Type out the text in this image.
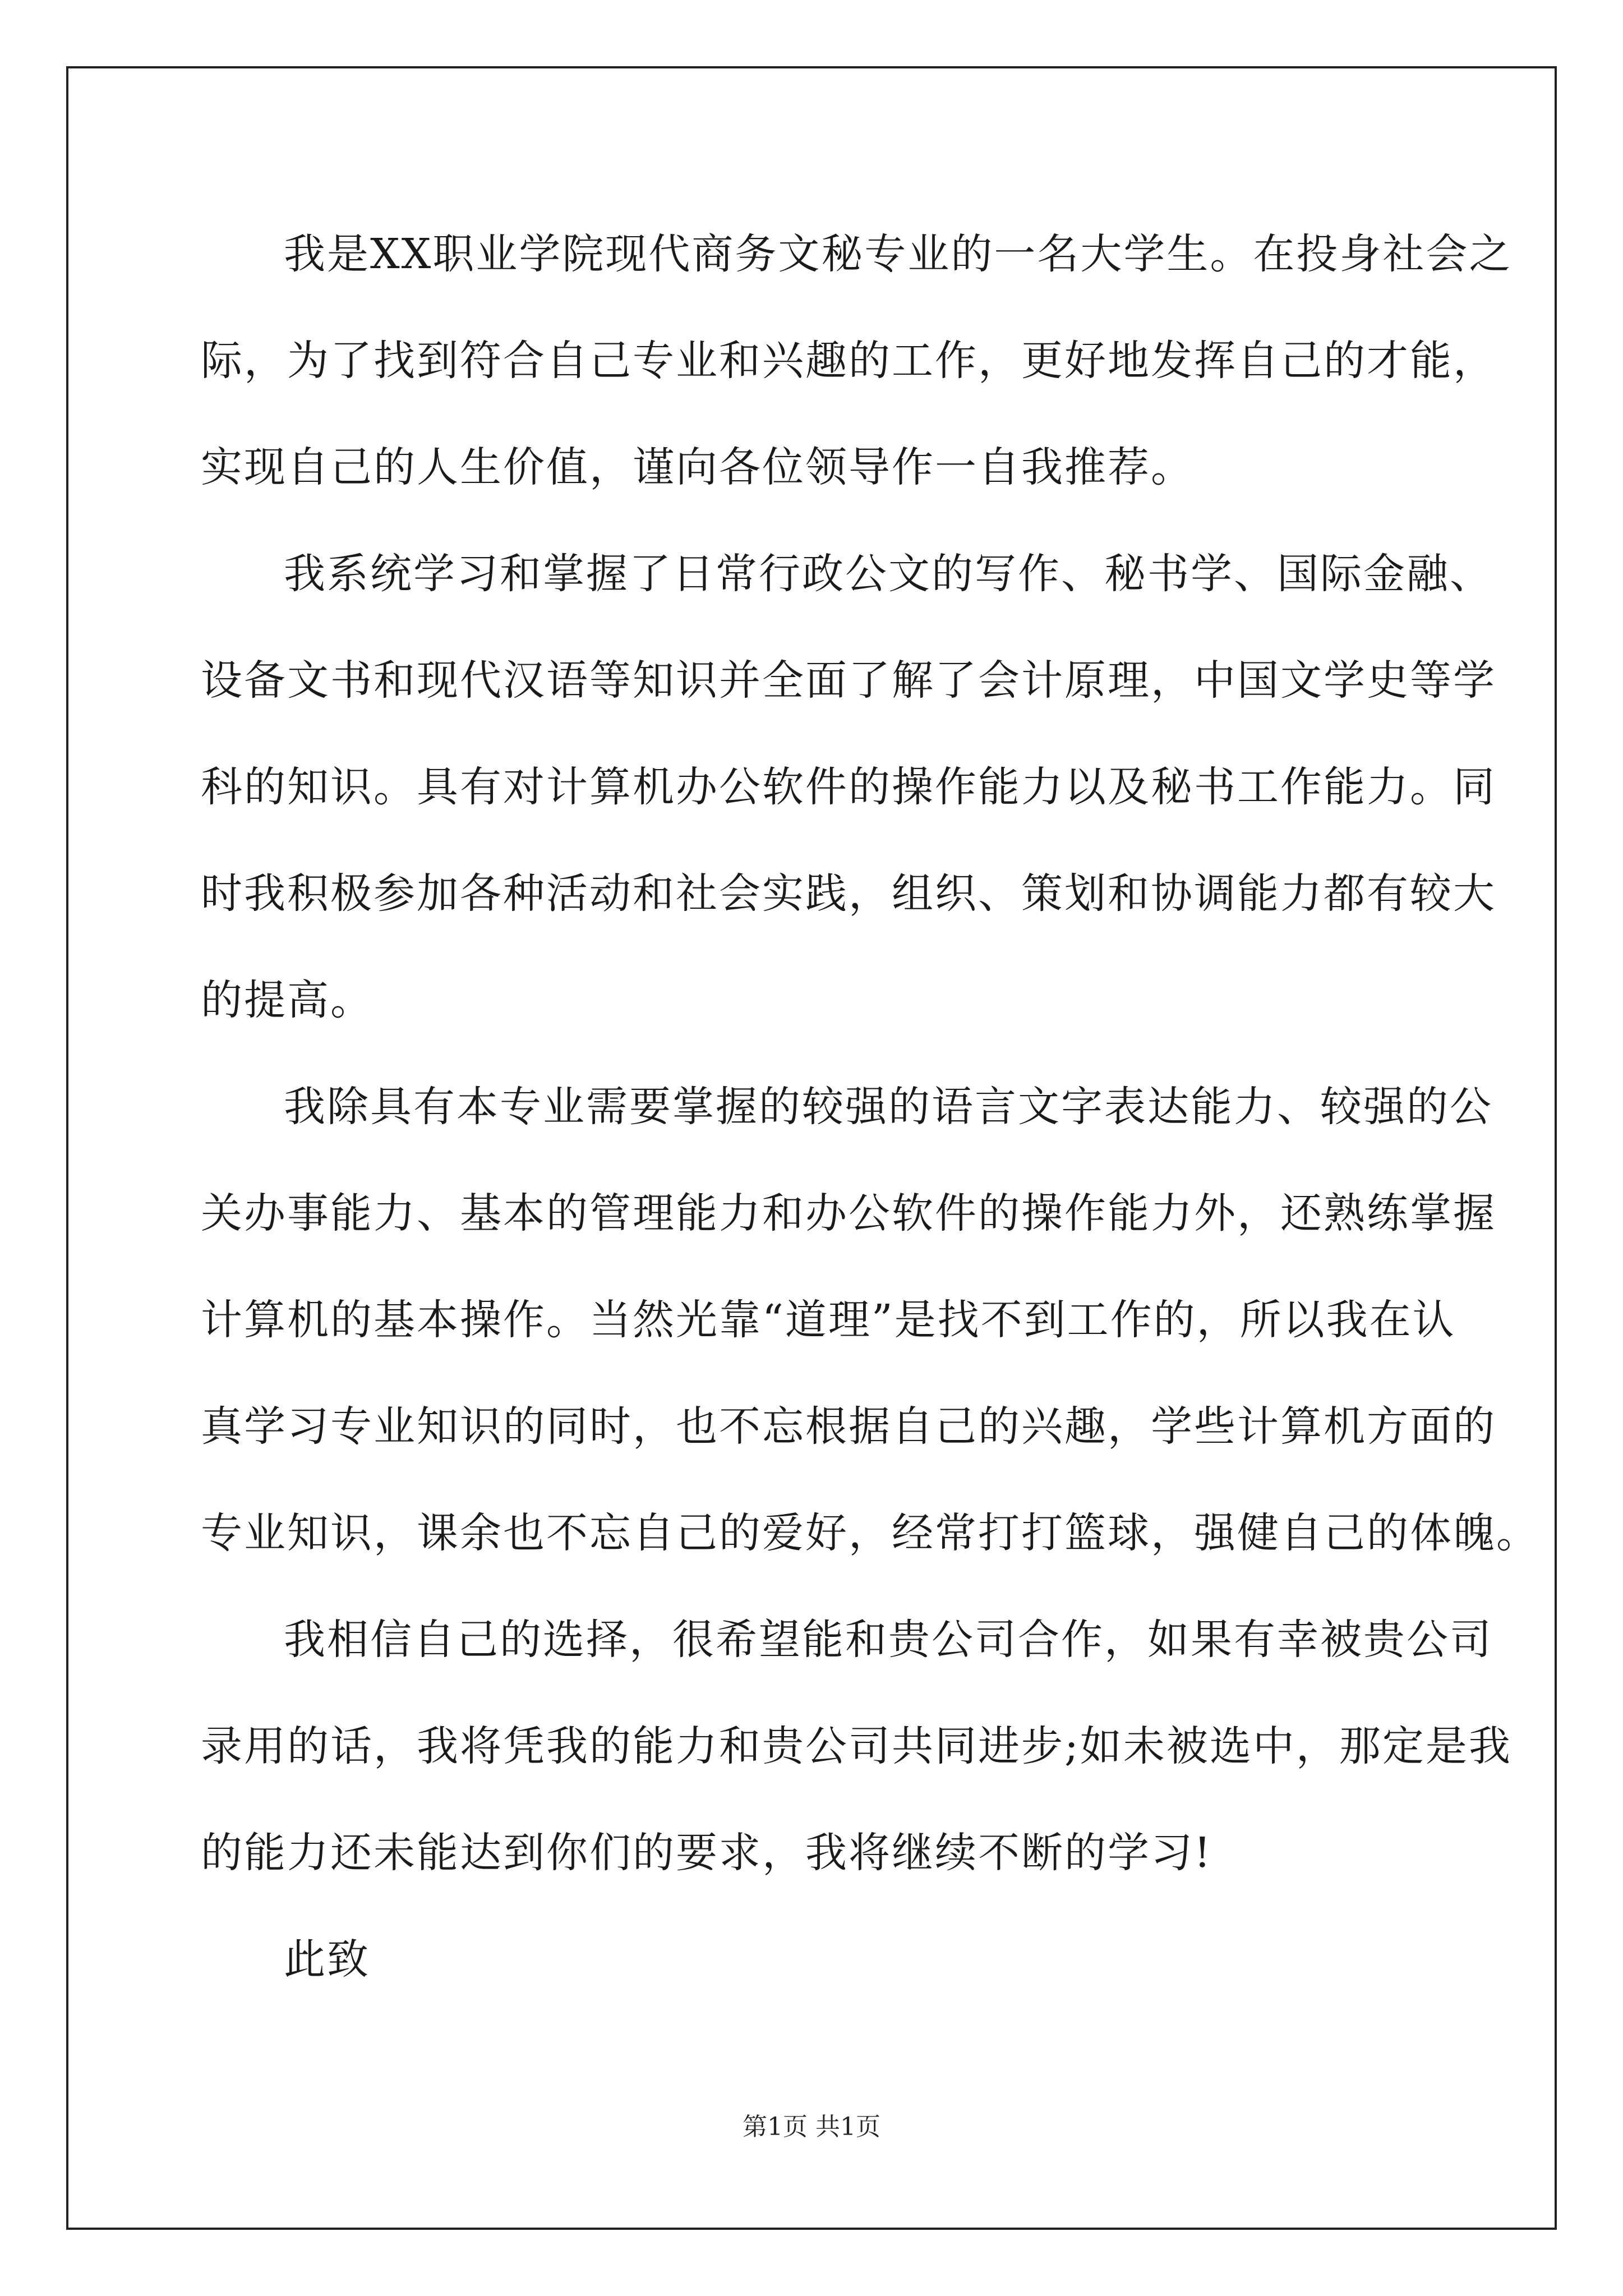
我是XX职业学院现代商务文秘专业的一名大学生。在投身社会之
际，为了找到符合自己专业和兴趣的工作，更好地发挥自己的才能，
实现自己的人生价值，谨向各位领导作一自我推荐。
我系统学习和掌握了日常行政公文的写作、秘书学、国际金融、
设备文书和现代汉语等知识并全面了解了会计原理，中国文学史等学
科的知识。具有对计算机办公软件的操作能力以及秘书工作能力。同
时我积极参加各种活动和社会实践，组织、策划和协调能力都有较大
的提高。
我除具有本专业需要掌握的较强的语言文字表达能力、较强的公
关办事能力、基本的管理能力和办公软件的操作能力外，还熟练掌握
计算机的基本操作。当然光靠“道理”是找不到工作的，所以我在认
真学习专业知识的同时，也不忘根据自己的兴趣，学些计算机方面的
专业知识，课余也不忘自己的爱好，经常打打篮球，强健自己的体魄。
我相信自己的选择，很希望能和贵公司合作，如果有幸被贵公司
录用的话，我将凭我的能力和贵公司共同进步;如未被选中，那定是我
的能力还未能达到你们的要求，我将继续不断的学习!
此致
第1页 共1页
